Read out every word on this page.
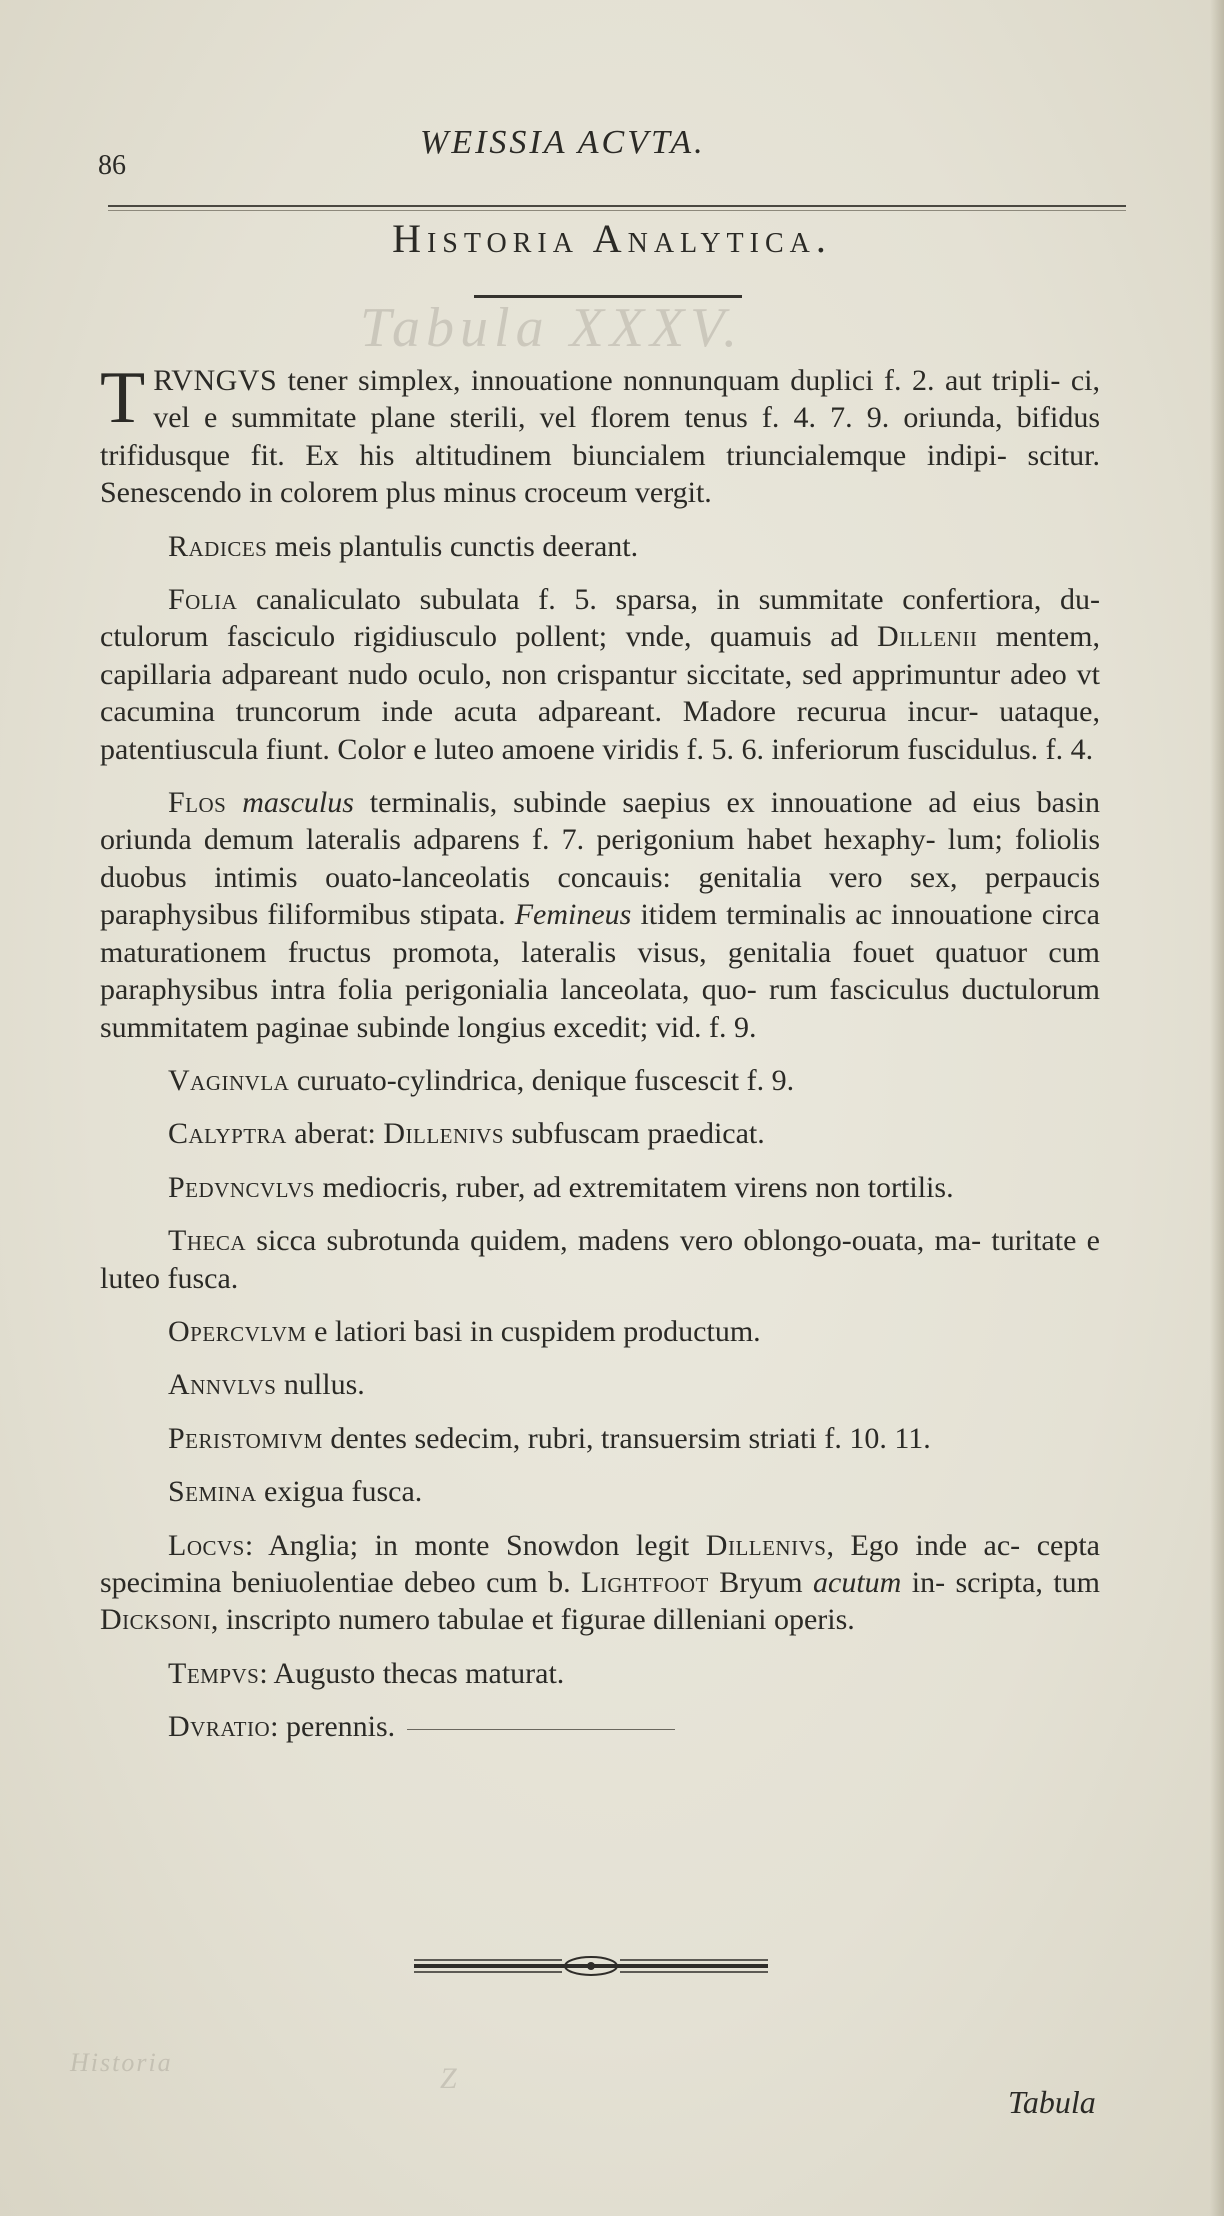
Tabula XXXV.
86
WEISSIA ACVTA.
Historia Analytica.

TRVNGVS tener simplex, innouatione nonnunquam duplici f. 2. aut tripli- ci, vel e summitate plane sterili, vel florem tenus f. 4. 7. 9. oriunda, bifidus trifidusque fit. Ex his altitudinem biuncialem triuncialemque indipi- scitur. Senescendo in colorem plus minus croceum vergit.

Radices meis plantulis cunctis deerant.

Folia canaliculato subulata f. 5. sparsa, in summitate confertiora, du- ctulorum fasciculo rigidiusculo pollent; vnde, quamuis ad Dillenii mentem, capillaria adpareant nudo oculo, non crispantur siccitate, sed apprimuntur adeo vt cacumina truncorum inde acuta adpareant. Madore recurua incur- uataque, patentiuscula fiunt. Color e luteo amoene viridis f. 5. 6. inferiorum fuscidulus. f. 4.

Flos masculus terminalis, subinde saepius ex innouatione ad eius basin oriunda demum lateralis adparens f. 7. perigonium habet hexaphy- lum; foliolis duobus intimis ouato-lanceolatis concauis: genitalia vero sex, perpaucis paraphysibus filiformibus stipata. Femineus itidem terminalis ac innouatione circa maturationem fructus promota, lateralis visus, genitalia fouet quatuor cum paraphysibus intra folia perigonialia lanceolata, quo- rum fasciculus ductulorum summitatem paginae subinde longius excedit; vid. f. 9.

Vaginvla curuato-cylindrica, denique fuscescit f. 9.

Calyptra aberat: Dillenivs subfuscam praedicat.

Pedvncvlvs mediocris, ruber, ad extremitatem virens non tortilis.

Theca sicca subrotunda quidem, madens vero oblongo-ouata, ma- turitate e luteo fusca.

Opercvlvm e latiori basi in cuspidem productum.

Annvlvs nullus.

Peristomivm dentes sedecim, rubri, transuersim striati f. 10. 11.

Semina exigua fusca.

Locvs: Anglia; in monte Snowdon legit Dillenivs, Ego inde ac- cepta specimina beniuolentiae debeo cum b. Lightfoot Bryum acutum in- scripta, tum Dicksoni, inscripto numero tabulae et figurae dilleniani operis.

Tempvs: Augusto thecas maturat.

Dvratio: perennis.

Historia	Z
Tabula
